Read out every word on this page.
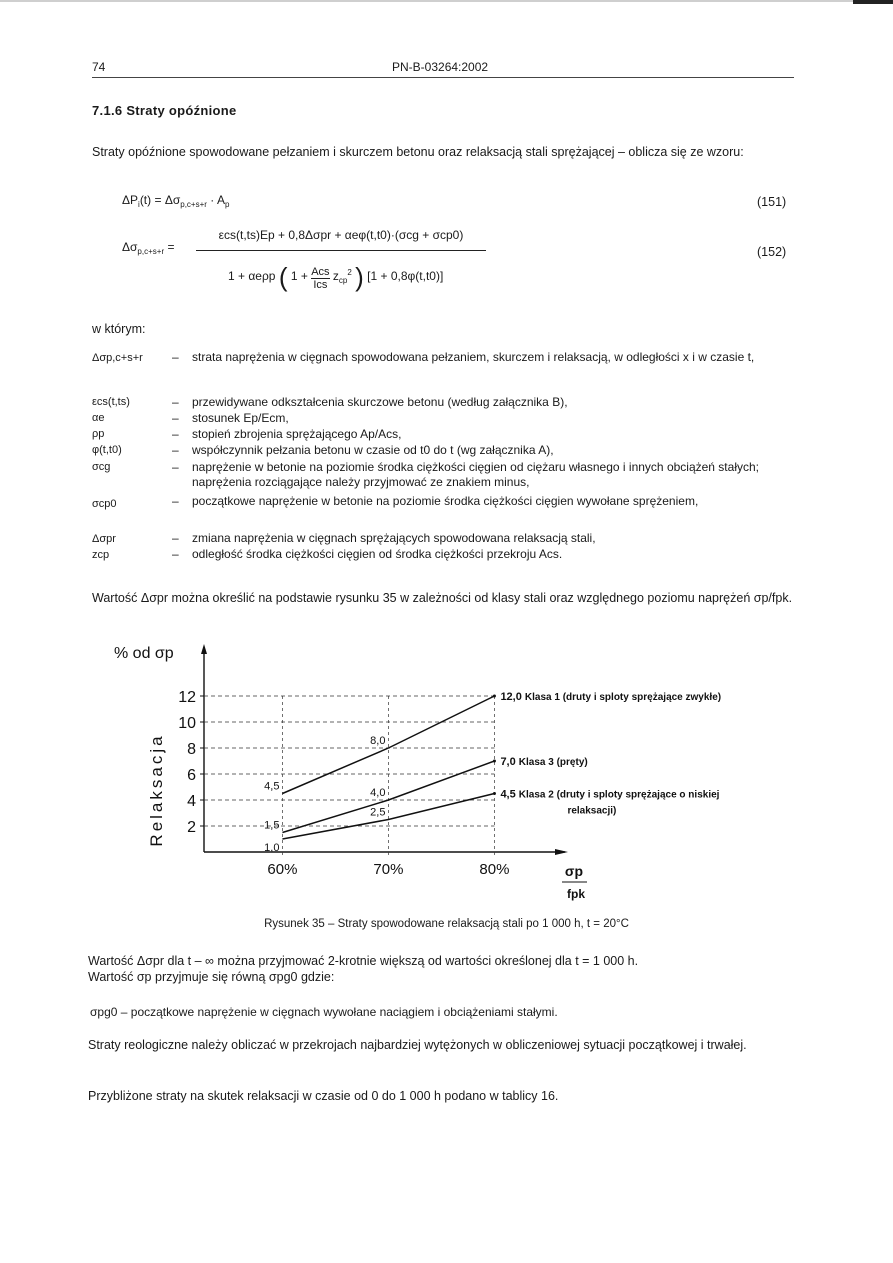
74	PN-B-03264:2002
7.1.6 Straty opóźnione
Straty opóźnione spowodowane pełzaniem i skurczem betonu oraz relaksacją stali sprężającej – oblicza się ze wzoru:
$\Delta P_i(t) = \Delta\sigma_{p,c+s+r} \cdot A_p$	(151)
$\Delta\sigma_{p,c+s+r}$ =
εcs(t,ts)Ep + 0,8Δσpr + αeφ(t,t0)·(σcg + σcp0)
1 + αeρp ( 1 + Acs
Ics
$z_{cp}^2$ ) [1 + 0,8φ(t,t0)]
(152)
w którym:
Δσp,c+s+r – strata naprężenia w cięgnach spowodowana pełzaniem, skurczem i relaksacją, w odległości x i w czasie t,
εcs(t,ts)	– przewidywane odkształcenia skurczowe betonu (według załącznika B),
αe	– stosunek Ep/Ecm,
ρp	– stopień zbrojenia sprężającego Ap/Acs,
φ(t,t0)	– współczynnik pełzania betonu w czasie od t0 do t (wg załącznika A),
σcg	– naprężenie w betonie na poziomie środka ciężkości cięgien od ciężaru własnego i innych obciążeń stałych; naprężenia rozciągające należy przyjmować ze znakiem minus,
σcp0	– początkowe naprężenie w betonie na poziomie środka ciężkości cięgien wywołane sprężeniem,
Δσpr	– zmiana naprężenia w cięgnach sprężających spowodowana relaksacją stali,
zcp	– odległość środka ciężkości cięgien od środka ciężkości przekroju Acs.
Wartość Δσpr można określić na podstawie rysunku 35 w zależności od klasy stali oraz względnego poziomu naprężeń σp/fpk.
2
4
6
8
10
12
60%	70%	80%
4,5
8,0
1,5
4,0
1,0
2,5
12,0 Klasa 1 (druty i sploty sprężające zwykłe)
7,0 Klasa 3 (pręty)
4,5 Klasa 2 (druty i sploty sprężające o niskiej
relaksacji)
% od σp
Relaksacja
σp
fpk
Rysunek 35 – Straty spowodowane relaksacją stali po 1 000 h, t = 20°C
Wartość Δσpr dla t – ∞ można przyjmować 2-krotnie większą od wartości określonej dla t = 1 000 h.
Wartość σp przyjmuje się równą σpg0 gdzie:
σpg0 – początkowe naprężenie w cięgnach wywołane naciągiem i obciążeniami stałymi.
Straty reologiczne należy obliczać w przekrojach najbardziej wytężonych w obliczeniowej sytuacji początkowej i trwałej.
Przybliżone straty na skutek relaksacji w czasie od 0 do 1 000 h podano w tablicy 16.
